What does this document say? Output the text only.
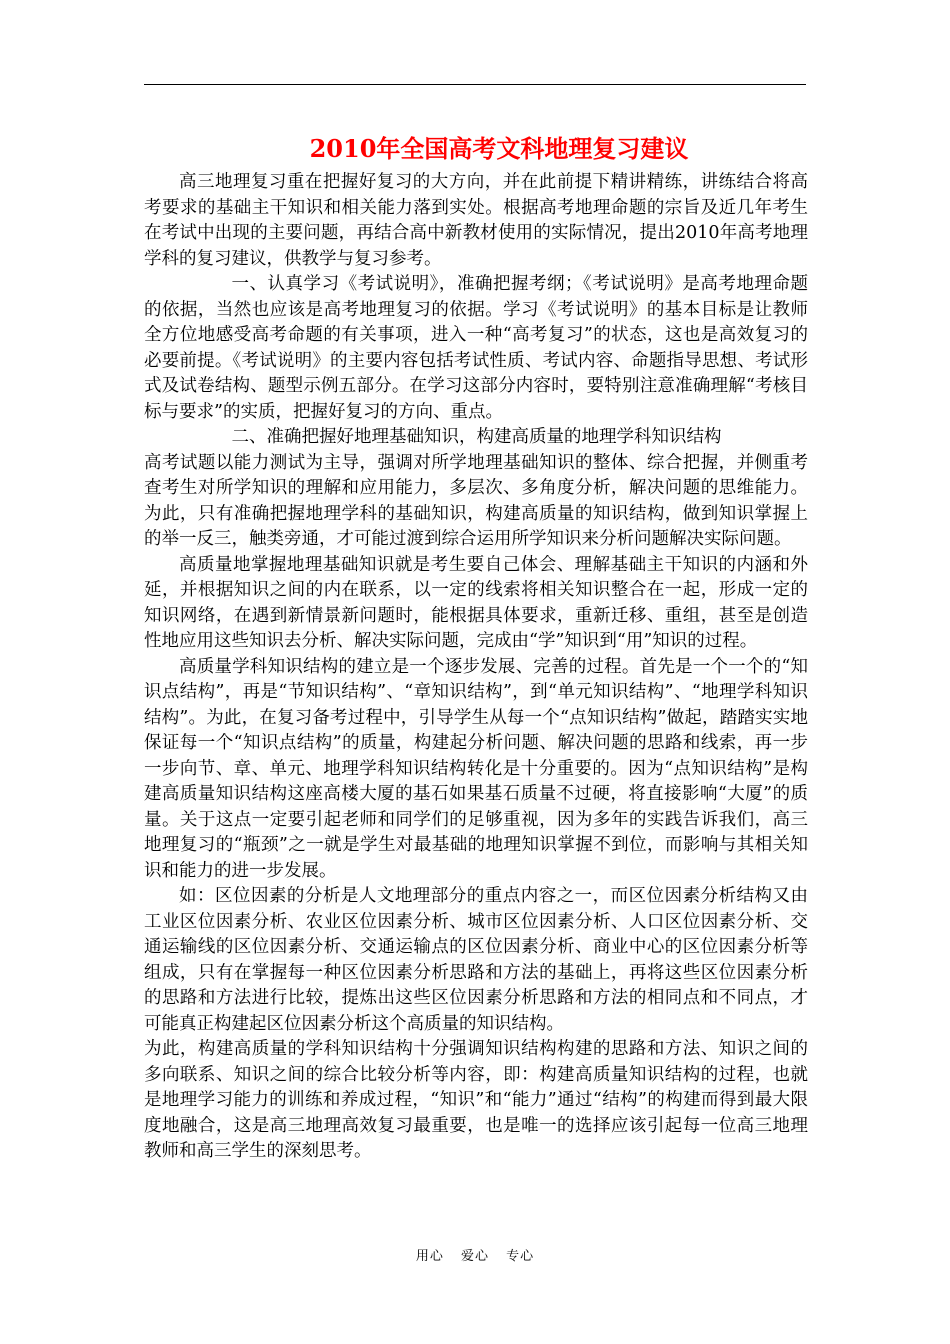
2010年全国高考文科地理复习建议

高三地理复习重在把握好复习的大方向，并在此前提下精讲精练，讲练结合将高考要求的基础主干知识和相关能力落到实处。根据高考地理命题的宗旨及近几年考生在考试中出现的主要问题，再结合高中新教材使用的实际情况，提出2010年高考地理学科的复习建议，供教学与复习参考。

一、认真学习《考试说明》，准确把握考纲；《考试说明》是高考地理命题的依据，当然也应该是高考地理复习的依据。学习《考试说明》的基本目标是让教师全方位地感受高考命题的有关事项，进入一种“高考复习”的状态，这也是高效复习的必要前提。《考试说明》的主要内容包括考试性质、考试内容、命题指导思想、考试形式及试卷结构、题型示例五部分。在学习这部分内容时，要特别注意准确理解“考核目标与要求”的实质，把握好复习的方向、重点。

二、准确把握好地理基础知识，构建高质量的地理学科知识结构

高考试题以能力测试为主导，强调对所学地理基础知识的整体、综合把握，并侧重考查考生对所学知识的理解和应用能力，多层次、多角度分析，解决问题的思维能力。为此，只有准确把握地理学科的基础知识，构建高质量的知识结构，做到知识掌握上的举一反三，触类旁通，才可能过渡到综合运用所学知识来分析问题解决实际问题。

高质量地掌握地理基础知识就是考生要自己体会、理解基础主干知识的内涵和外延，并根据知识之间的内在联系，以一定的线索将相关知识整合在一起，形成一定的知识网络，在遇到新情景新问题时，能根据具体要求，重新迁移、重组，甚至是创造性地应用这些知识去分析、解决实际问题，完成由“学”知识到“用”知识的过程。

高质量学科知识结构的建立是一个逐步发展、完善的过程。首先是一个一个的“知识点结构”，再是“节知识结构”、“章知识结构”，到“单元知识结构”、“地理学科知识结构”。为此，在复习备考过程中，引导学生从每一个“点知识结构”做起，踏踏实实地保证每一个“知识点结构”的质量，构建起分析问题、解决问题的思路和线索，再一步一步向节、章、单元、地理学科知识结构转化是十分重要的。因为“点知识结构”是构建高质量知识结构这座高楼大厦的基石如果基石质量不过硬，将直接影响“大厦”的质量。关于这点一定要引起老师和同学们的足够重视，因为多年的实践告诉我们，高三地理复习的“瓶颈”之一就是学生对最基础的地理知识掌握不到位，而影响与其相关知识和能力的进一步发展。

如：区位因素的分析是人文地理部分的重点内容之一，而区位因素分析结构又由工业区位因素分析、农业区位因素分析、城市区位因素分析、人口区位因素分析、交通运输线的区位因素分析、交通运输点的区位因素分析、商业中心的区位因素分析等组成，只有在掌握每一种区位因素分析思路和方法的基础上，再将这些区位因素分析的思路和方法进行比较，提炼出这些区位因素分析思路和方法的相同点和不同点，才可能真正构建起区位因素分析这个高质量的知识结构。

为此，构建高质量的学科知识结构十分强调知识结构构建的思路和方法、知识之间的多向联系、知识之间的综合比较分析等内容，即：构建高质量知识结构的过程，也就是地理学习能力的训练和养成过程，“知识”和“能力”通过“结构”的构建而得到最大限度地融合，这是高三地理高效复习最重要，也是唯一的选择应该引起每一位高三地理教师和高三学生的深刻思考。

用心 爱心 专心
